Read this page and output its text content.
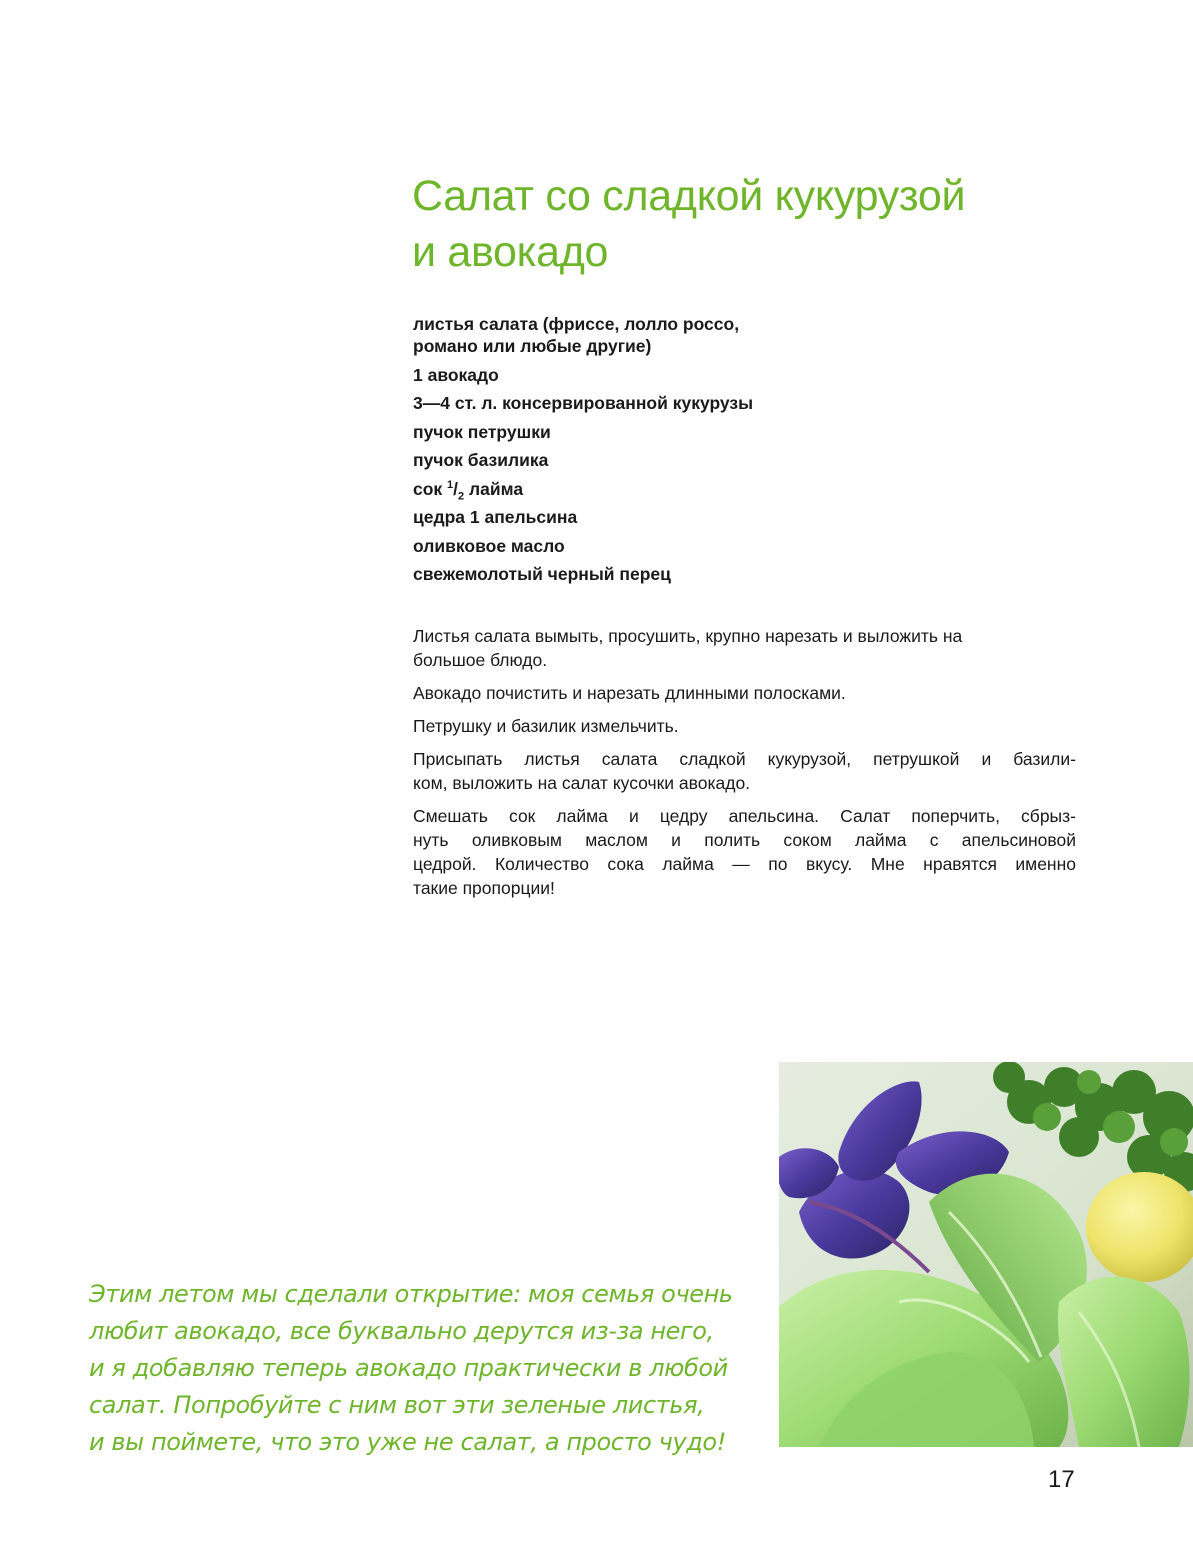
Салат со сладкой кукурузой
и авокадо
листья салата (фриссе, лолло россо,
романо или любые другие)
1 авокадо
3—4 ст. л. консервированной кукурузы
пучок петрушки
пучок базилика
сок $^1/_2$ лайма
цедра 1 апельсина
оливковое масло
свежемолотый черный перец

Листья салата вымыть, просушить, крупно нарезать и выложить на
большое блюдо.

Авокадо почистить и нарезать длинными полосками.

Петрушку и базилик измельчить.

Присыпать листья салата сладкой кукурузой, петрушкой и базили-
ком, выложить на салат кусочки авокадо.

Смешать сок лайма и цедру апельсина. Салат поперчить, сбрыз-
нуть оливковым маслом и полить соком лайма с апельсиновой
цедрой. Количество сока лайма — по вкусу. Мне нравятся именно
такие пропорции!

Этим летом мы сделали открытие: моя семья очень
любит авокадо, все буквально дерутся из-за него,
и я добавляю теперь авокадо практически в любой
салат. Попробуйте с ним вот эти зеленые листья,
и вы поймете, что это уже не салат, а просто чудо!
17
